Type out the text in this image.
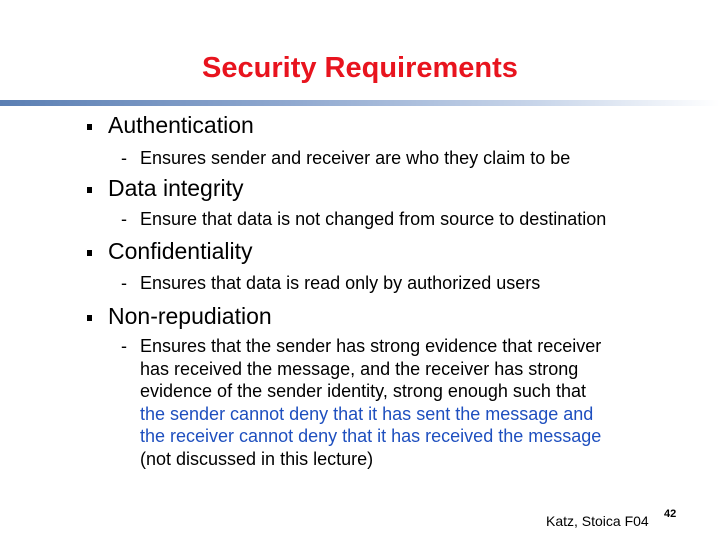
Security Requirements
Authentication
- Ensures sender and receiver are who they claim to be
Data integrity
- Ensure that data is not changed from source to destination
Confidentiality
- Ensures that data is read only by authorized users
Non-repudiation
- Ensures that the sender has strong evidence that receiver
has received the message, and the receiver has strong
evidence of the sender identity, strong enough such that
the sender cannot deny that it has sent the message and
the receiver cannot deny that it has received the message
(not discussed in this lecture)
Katz, Stoica F04 42
